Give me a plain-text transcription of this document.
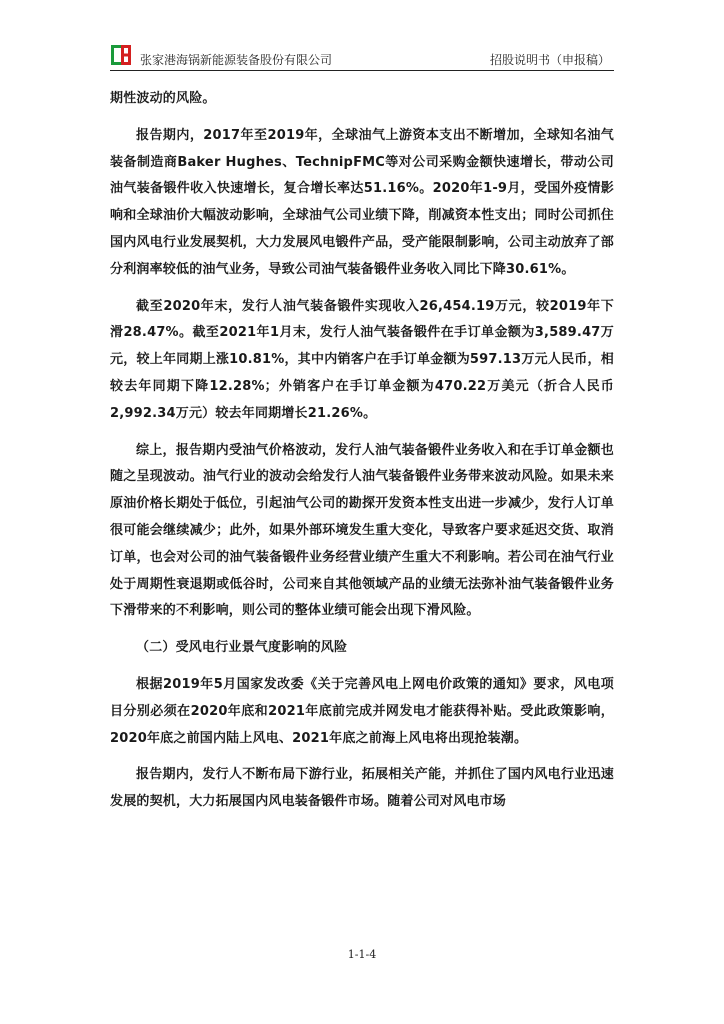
张家港海锅新能源装备股份有限公司	招股说明书（申报稿）

期性波动的风险。

报告期内，2017年至2019年，全球油气上游资本支出不断增加，全球知名油气装备制造商Baker Hughes、TechnipFMC等对公司采购金额快速增长，带动公司油气装备锻件收入快速增长，复合增长率达51.16%。2020年1-9月，受国外疫情影响和全球油价大幅波动影响，全球油气公司业绩下降，削减资本性支出；同时公司抓住国内风电行业发展契机，大力发展风电锻件产品，受产能限制影响，公司主动放弃了部分利润率较低的油气业务，导致公司油气装备锻件业务收入同比下降30.61%。

截至2020年末，发行人油气装备锻件实现收入26,454.19万元，较2019年下滑28.47%。截至2021年1月末，发行人油气装备锻件在手订单金额为3,589.47万元，较上年同期上涨10.81%，其中内销客户在手订单金额为597.13万元人民币，相较去年同期下降12.28%；外销客户在手订单金额为470.22万美元（折合人民币2,992.34万元）较去年同期增长21.26%。

综上，报告期内受油气价格波动，发行人油气装备锻件业务收入和在手订单金额也随之呈现波动。油气行业的波动会给发行人油气装备锻件业务带来波动风险。如果未来原油价格长期处于低位，引起油气公司的勘探开发资本性支出进一步减少，发行人订单很可能会继续减少；此外，如果外部环境发生重大变化，导致客户要求延迟交货、取消订单，也会对公司的油气装备锻件业务经营业绩产生重大不利影响。若公司在油气行业处于周期性衰退期或低谷时，公司来自其他领域产品的业绩无法弥补油气装备锻件业务下滑带来的不利影响，则公司的整体业绩可能会出现下滑风险。

（二）受风电行业景气度影响的风险

根据2019年5月国家发改委《关于完善风电上网电价政策的通知》要求，风电项目分别必须在2020年底和2021年底前完成并网发电才能获得补贴。受此政策影响，2020年底之前国内陆上风电、2021年底之前海上风电将出现抢装潮。

报告期内，发行人不断布局下游行业，拓展相关产能，并抓住了国内风电行业迅速发展的契机，大力拓展国内风电装备锻件市场。随着公司对风电市场

1-1-4
